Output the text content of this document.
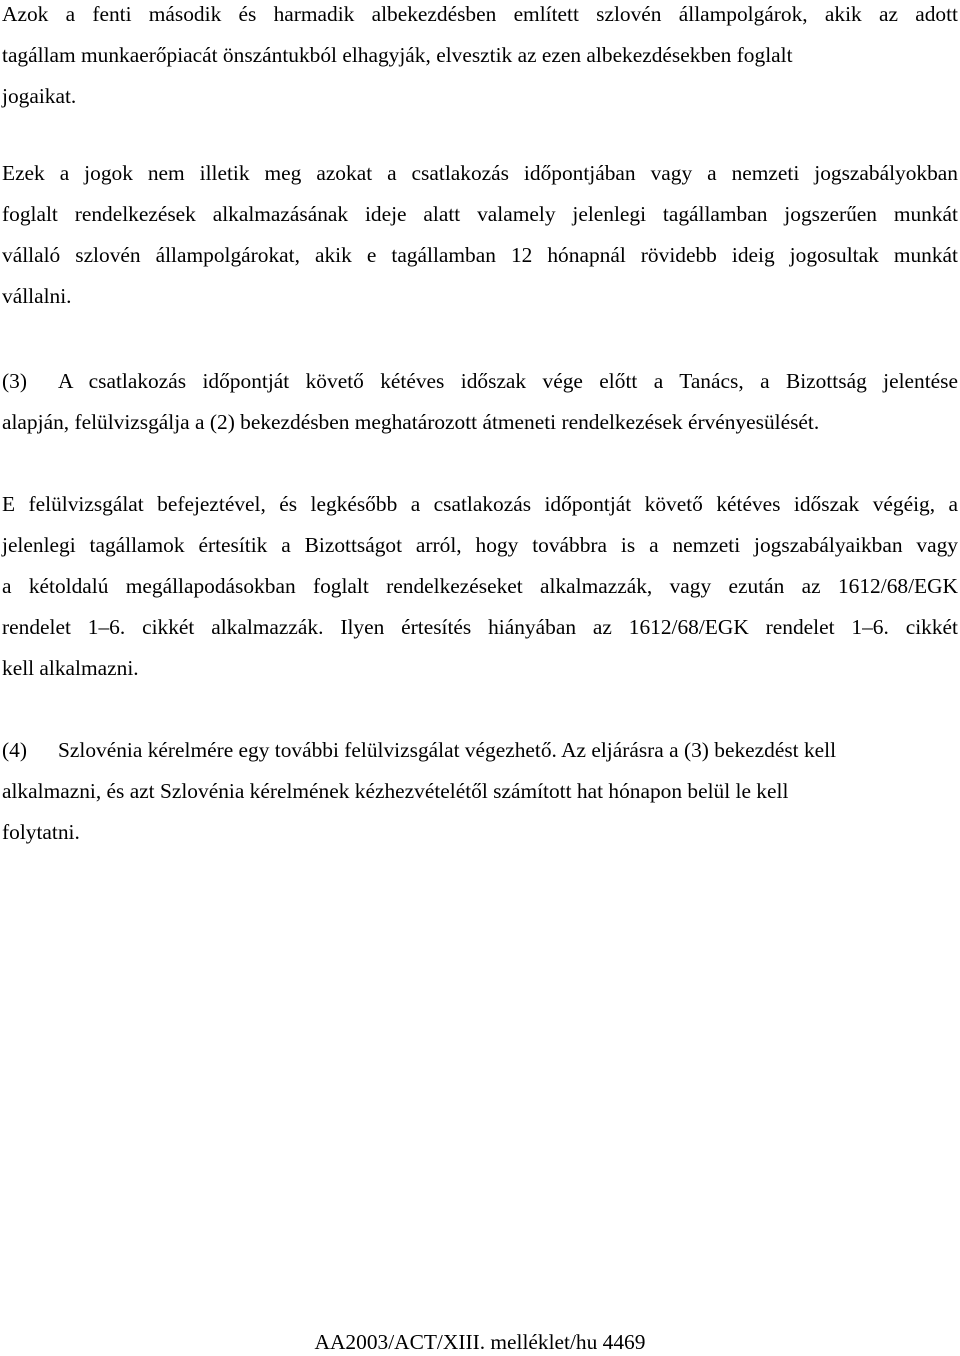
Azok a fenti második és harmadik albekezdésben említett szlovén állampolgárok, akik az adott
tagállam munkaerőpiacát önszántukból elhagyják, elvesztik az ezen albekezdésekben foglalt
jogaikat.
Ezek a jogok nem illetik meg azokat a csatlakozás időpontjában vagy a nemzeti jogszabályokban
foglalt rendelkezések alkalmazásának ideje alatt valamely jelenlegi tagállamban jogszerűen munkát
vállaló szlovén állampolgárokat, akik e tagállamban 12 hónapnál rövidebb ideig jogosultak munkát
vállalni.
(3) A csatlakozás időpontját követő kétéves időszak vége előtt a Tanács, a Bizottság jelentése
alapján, felülvizsgálja a (2) bekezdésben meghatározott átmeneti rendelkezések érvényesülését.
E felülvizsgálat befejeztével, és legkésőbb a csatlakozás időpontját követő kétéves időszak végéig, a
jelenlegi tagállamok értesítik a Bizottságot arról, hogy továbbra is a nemzeti jogszabályaikban vagy
a kétoldalú megállapodásokban foglalt rendelkezéseket alkalmazzák, vagy ezután az 1612/68/EGK
rendelet 1–6. cikkét alkalmazzák. Ilyen értesítés hiányában az 1612/68/EGK rendelet 1–6. cikkét
kell alkalmazni.
(4) Szlovénia kérelmére egy további felülvizsgálat végezhető. Az eljárásra a (3) bekezdést kell
alkalmazni, és azt Szlovénia kérelmének kézhezvételétől számított hat hónapon belül le kell
folytatni.
AA2003/ACT/XIII. melléklet/hu 4469
